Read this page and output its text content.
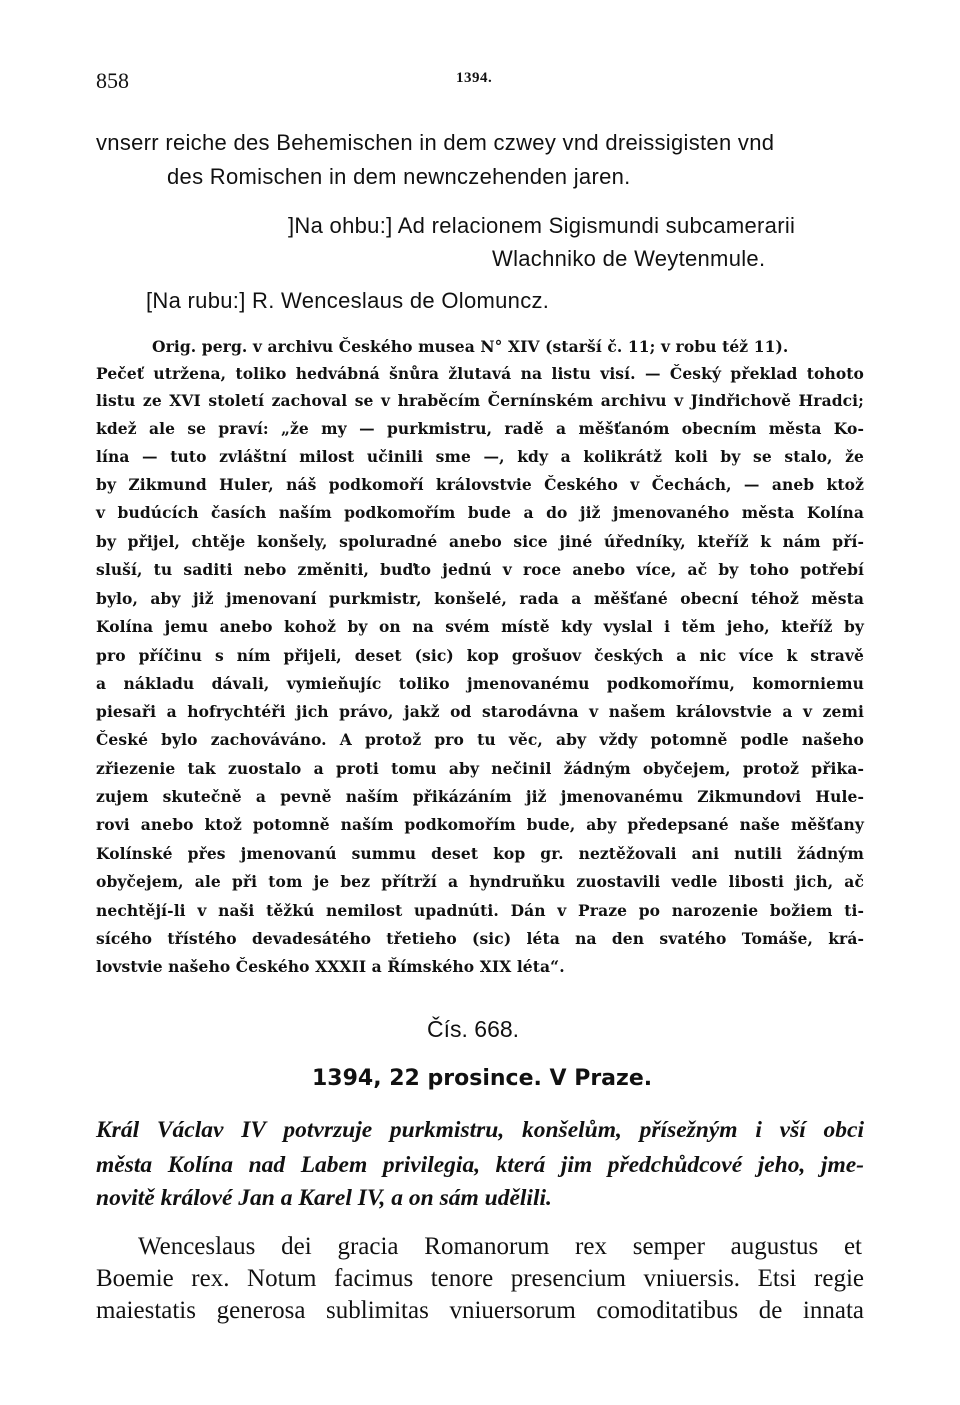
858	1394.

vnserr reiche des Behemischen in dem czwey vnd dreissigisten vnd

des Romischen in dem newnczehenden jaren.

]Na ohbu:] Ad relacionem Sigismundi subcamerarii

Wlachniko de Weytenmule.

[Na rubu:] R. Wenceslaus de Olomuncz.

Orig. perg. v archivu Českého musea N° XIV (starší č. 11; v robu též 11).

Pečeť utržena, toliko hedvábná šnůra žlutavá na listu visí. — Český překlad tohoto

listu ze XVI století zachoval se v hraběcím Černínském archivu v Jindřichově Hradci;

kdež ale se praví: „že my — purkmistru, radě a měšťanóm obecním města Ko-

lína — tuto zvláštní milost učinili sme —, kdy a kolikrátž koli by se stalo, že

by Zikmund Huler, náš podkomoří královstvie Českého v Čechách, — aneb ktož

v budúcích časích naším podkomořím bude a do již jmenovaného města Kolína

by přijel, chtěje konšely, spoluradné anebo sice jiné úředníky, kteříž k nám pří-

sluší, tu saditi nebo změniti, buďto jednú v roce anebo více, ač by toho potřebí

bylo, aby již jmenovaní purkmistr, konšelé, rada a měšťané obecní téhož města

Kolína jemu anebo kohož by on na svém místě kdy vyslal i těm jeho, kteříž by

pro příčinu s ním přijeli, deset (sic) kop grošuov českých a nic více k stravě

a nákladu dávali, vymieňujíc toliko jmenovanému podkomořímu, komorniemu

piesaři a hofrychtéři jich právo, jakž od starodávna v našem královstvie a v zemi

České bylo zachováváno. A protož pro tu věc, aby vždy potomně podle našeho

zřiezenie tak zuostalo a proti tomu aby nečinil žádným obyčejem, protož přika-

zujem skutečně a pevně naším přikázáním již jmenovanému Zikmundovi Hule-

rovi anebo ktož potomně naším podkomořím bude, aby předepsané naše měšťany

Kolínské přes jmenovanú summu deset kop gr. neztěžovali ani nutili žádným

obyčejem, ale při tom je bez přítrží a hyndruňku zuostavili vedle libosti jich, ač

nechtějí-li v naši těžkú nemilost upadnúti. Dán v Praze po narozenie božiem ti-

sícého třístého devadesátého třetieho (sic) léta na den svatého Tomáše, krá-

lovstvie našeho Českého XXXII a Římského XIX léta“.

Čís. 668.

1394, 22 prosince. V Praze.

Král Václav IV potvrzuje purkmistru, konšelům, přísežným i vší obci

města Kolína nad Labem privilegia, která jim předchůdcové jeho, jme-

novitě králové Jan a Karel IV, a on sám udělili.

Wenceslaus dei gracia Romanorum rex semper augustus et

Boemie rex. Notum facimus tenore presencium vniuersis. Etsi regie

maiestatis generosa sublimitas vniuersorum comoditatibus de innata
